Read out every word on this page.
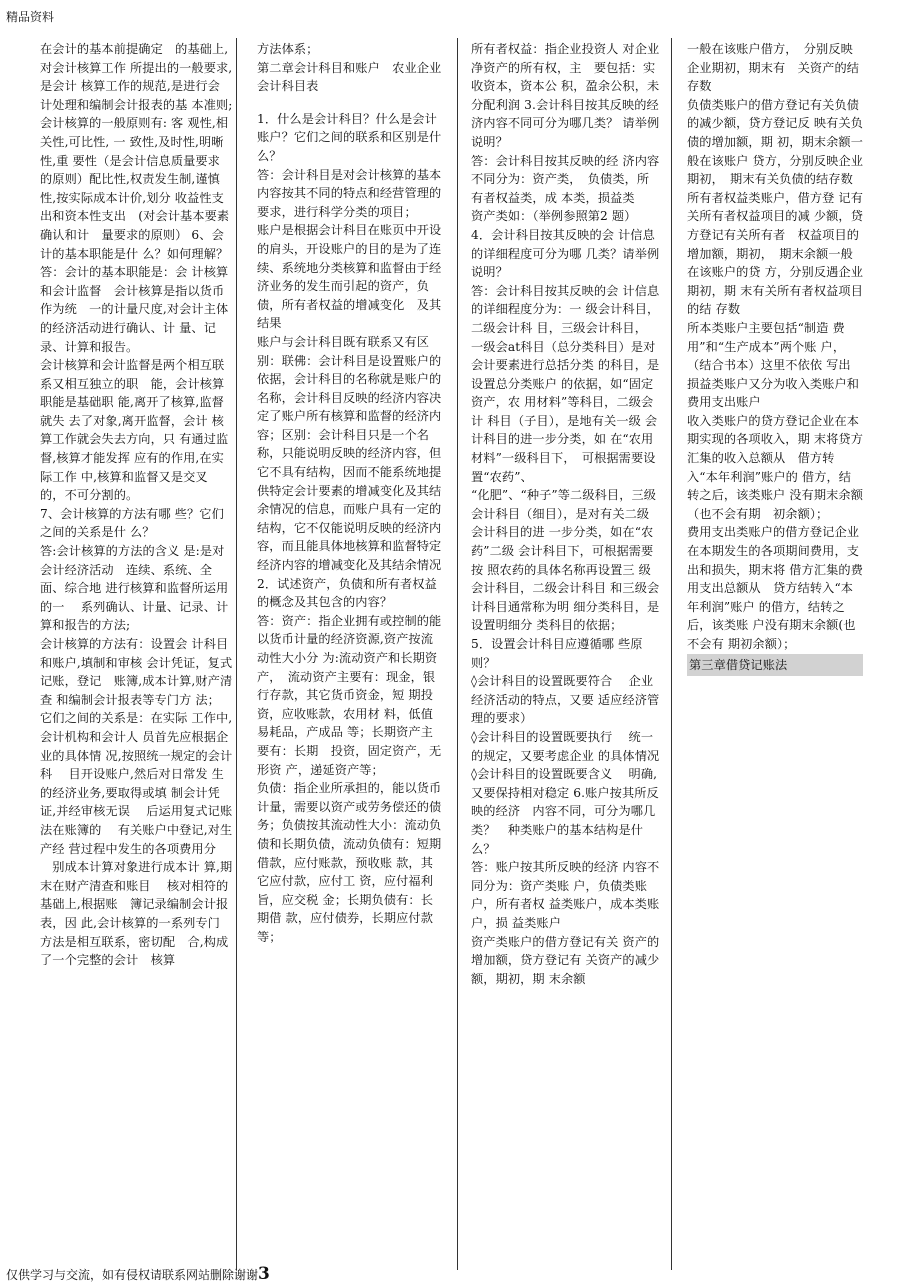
精品资料

在会计的基本前提确定　的基础上,对会计核算工作 所提出的一般要求,是会计 核算工作的规范,是进行会 计处理和编制会计报表的基 本准则;

会计核算的一般原则有: 客 观性,相关性,可比性, 一 致性,及时性,明晰性,重 要性（是会计信息质量要求 的原则）配比性,权责发生制,谨慎 性,按实际成本计价,划分 收益性支出和资本性支出　(对会计基本要素确认和计　量要求的原则） 6、会计的基本职能是什 么？如何理解？

答：会计的基本职能是：会 计核算和会计监督　会计核算是指以货币作为统　一的计量尺度,对会计主体 的经济活动进行确认、计 量、记录、计算和报告。

会计核算和会计监督是两个相互联系又相互独立的职　能，会计核算职能是基础职 能,离开了核算,监督就失 去了对象,离开监督，会计 核算工作就会失去方向，只 有通过监督,核算才能发挥 应有的作用,在实际工作 中,核算和监督又是交叉 的，不可分割的。

7、会计核算的方法有哪 些？它们之间的关系是什 么？

答:会计核算的方法的含义 是:是对会计经济活动　连续、系统、全面、综合地 进行核算和监督所运用的一 　系列确认、计量、记录、计 算和报告的方法;

会计核算的方法有：设置会 计科目和账户,填制和审核 会计凭证，复式记账，登记　账簿,成本计算,财产清查 和编制会计报表等专门方 法；

它们之间的关系是：在实际 工作中,会计机构和会计人 员首先应根据企业的具体情 况,按照统一规定的会计科　 目开设账户,然后对日常发 生的经济业务,要取得或填 制会计凭证,并经审核无误　 后运用复式记账法在账簿的 　有关账户中登记,对生产经 营过程中发生的各项费用分 　别成本计算对象进行成本计 算,期末在财产清查和账目 　核对相符的基础上,根据账　簿记录编制会计报表，因 此,会计核算的一系列专门 方法是相互联系，密切配　合,构成了一个完整的会计　核算

方法体系；

第二章会计科目和账户　农业企业会计科目表

1．什么是会计科目？什么是会计账户？它们之间的联系和区别是什么？

答：会计科目是对会计核算的基本内容按其不同的特点和经营管理的要求，进行科学分类的项目；

账户是根据会计科目在账页中开设的肩头，开设账户的目的是为了连续、系统地分类核算和监督由于经济业务的发生而引起的资产，负债，所有者权益的增减变化　及其结果

账户与会计科目既有联系又有区别：联佛：会计科目是设置账户的依据，会计科目的名称就是账户的名称，会计科目反映的经济内容决定了账户所有核算和监督的经济内容；区别：会计科目只是一个名称，只能说明反映的经济内容，但它不具有结构，因而不能系统地提供特定会计要素的增减变化及其结余情况的信息，而账户具有一定的结构，它不仅能说明反映的经济内容，而且能具体地核算和监督特定经济内容的增减变化及其结余情况

2．试述资产，负债和所有者权益的概念及其包含的内容？

答：资产：指企业拥有或控制的能以货币计量的经济资源,资产按流动性大小分 为:流动资产和长期资产，　流动资产主要有：现金，银 行存款，其它货币资金，短 期投资，应收账款，农用材 料，低值易耗品，产成品 等；长期资产主要有：长期　投资，固定资产，无形资 产，递延资产等；

负债：指企业所承担的，能以货币计量，需要以资产或劳务偿还的债务；负债按其流动性大小：流动负债和长期负债，流动负债有：短期借款，应付账款，预收账 款，其它应付款，应付工 资，应付福利旨，应交税 金；长期负债有：长期借 款，应付债券，长期应付款 等；

所有者权益：指企业投资人 对企业净资产的所有权，主　要包括：实收资本，资本公 积，盈余公积，未分配利润 3.会计科目按其反映的经　济内容不同可分为哪几类？ 请举例说明？

答：会计科目按其反映的经 济内容不同分为：资产类，　负债类，所有者权益类，成 本类，损益类

资产类如：（举例参照第2 题）

4．会计科目按其反映的会 计信息的详细程度可分为哪 几类？请举例说明？

答：会计科目按其反映的会 计信息的详细程度分为：一 级会计科目，二级会计科 目，三级会计科目，

一级会at科目（总分类科目）是对会计要素进行总括分类 的科目，是设置总分类账户 的依据，如“固定资产，农 用材料”等科目，二级会计 科目（子目），是地有关一级 会计科目的进一步分类，如 在“农用材料”一级科目下，　可根据需要设置“农药”、

“化肥”、“种子”等二级科目，三级会计科目（细目），是对有关二级会计科目的进 一步分类，如在“农药”二级 会计科目下，可根据需要按 照农药的具体名称再设置三 级会计科目，二级会计科目 和三级会计科目通常称为明 细分类科目，是设置明细分 类科目的依据；

5．设置会计科目应遵循哪 些原则？

◊会计科目的设置既要符合　 企业经济活动的特点，又要 适应经济管理的要求）

◊会计科目的设置既要执行　 统一的规定，又要考虑企业 的具体情况

◊会计科目的设置既要含义　 明确,又要保持相对稳定 6.账户按其所反映的经济　内容不同，可分为哪几类？　种类账户的基本结构是什 么？

答：账户按其所反映的经济 内容不同分为：资产类账 户，负债类账户，所有者权 益类账户，成本类账户，损 益类账户

资产类账户的借方登记有关 资产的增加额，贷方登记有 关资产的减少额，期初，期 末余额

一般在该账户借方，　分别反映企业期初，期末有　关资产的结存数

负债类账户的借方登记有关负债的减少额，贷方登记反 映有关负债的增加额，期 初，期末余额一般在该账户 贷方，分别反映企业期初，　期末有关负债的结存数　所有者权益类账户，借方登 记有关所有者权益项目的减 少额，贷方登记有关所有者　权益项目的增加额，期初，　期末余额一般在该账户的贷 方，分别反遇企业期初，期 末有关所有者权益项目的结 存数

所本类账户主要包括“制造 费用”和“生产成本”两个账 户，（结合书本）这里不依依 写出

损益类账户又分为收入类账户和费用支出账户

收入类账户的贷方登记企业在本期实现的各项收入，期 末将贷方汇集的收入总额从　借方转入“本年利润”账户的 借方，结转之后，该类账户 没有期末余额（也不会有期　初余额）；

费用支出类账户的借方登记企业在本期发生的各项期间费用，支出和损失，期末将 借方汇集的费用支出总额从　贷方结转入“本年利润”账户 的借方，结转之后，该类账 户没有期末余额(也不会有 期初余额）；

第三章借贷记账法

仅供学习与交流，如有侵权请联系网站删除谢谢3
